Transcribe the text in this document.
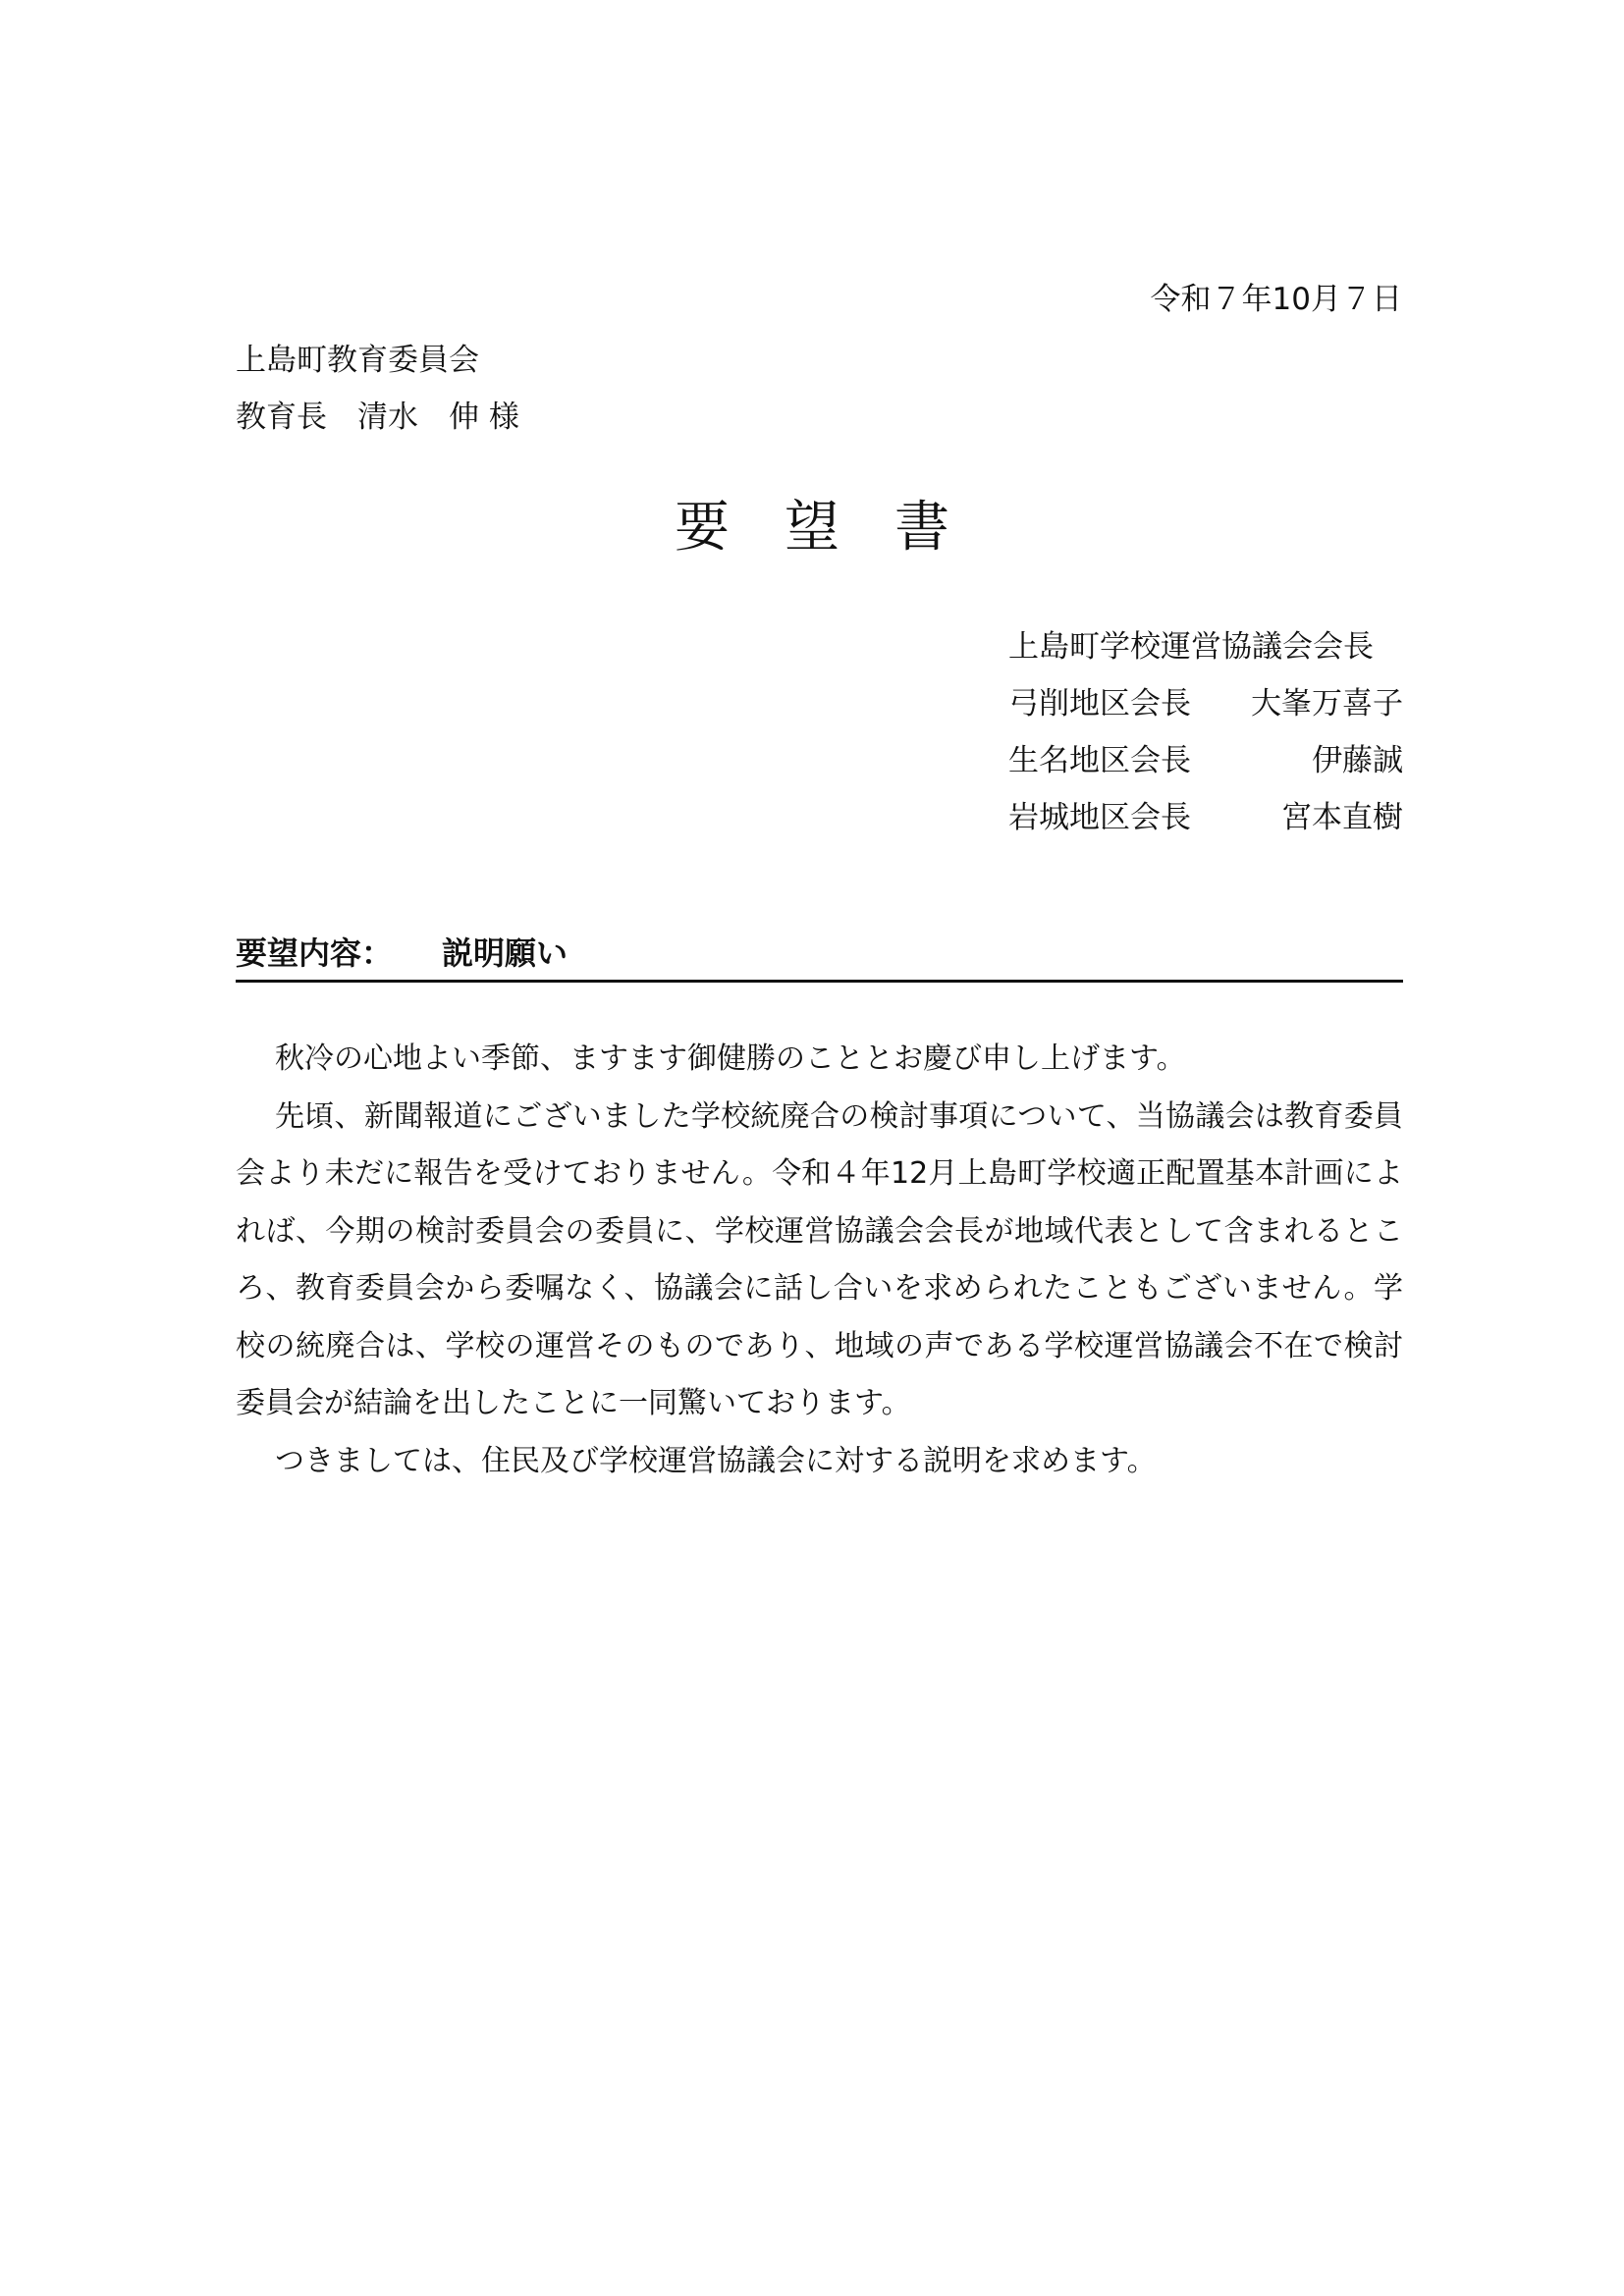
令和７年10月７日
上島町教育委員会
教育長　清水　伸 様
要　望　書
上島町学校運営協議会会長
弓削地区会長 大峯万喜子
生名地区会長	伊藤誠
岩城地区会長	宮本直樹
要望内容： 説明願い

秋冷の心地よい季節、ますます御健勝のこととお慶び申し上げます。

先頃、新聞報道にございました学校統廃合の検討事項について、当協議会は教育委員会より未だに報告を受けておりません。令和４年12月上島町学校適正配置基本計画によれば、今期の検討委員会の委員に、学校運営協議会会長が地域代表として含まれるところ、教育委員会から委嘱なく、協議会に話し合いを求められたこともございません。学校の統廃合は、学校の運営そのものであり、地域の声である学校運営協議会不在で検討委員会が結論を出したことに一同驚いております。

つきましては、住民及び学校運営協議会に対する説明を求めます。
